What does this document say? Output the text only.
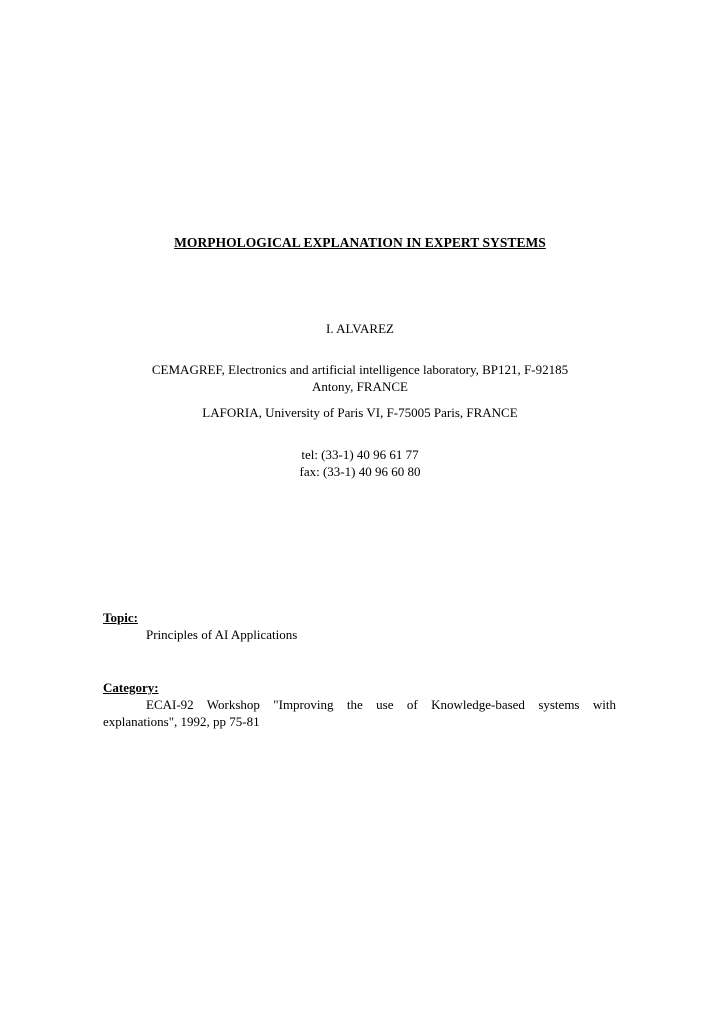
MORPHOLOGICAL EXPLANATION IN EXPERT SYSTEMS
I. ALVAREZ
CEMAGREF, Electronics and artificial intelligence laboratory, BP121, F-92185
Antony, FRANCE
LAFORIA, University of Paris VI, F-75005 Paris, FRANCE
tel: (33-1) 40 96 61 77
fax: (33-1) 40 96 60 80
Topic:
Principles of AI Applications
Category:
ECAI-92 Workshop "Improving the use of Knowledge-based systems with
explanations", 1992, pp 75-81
